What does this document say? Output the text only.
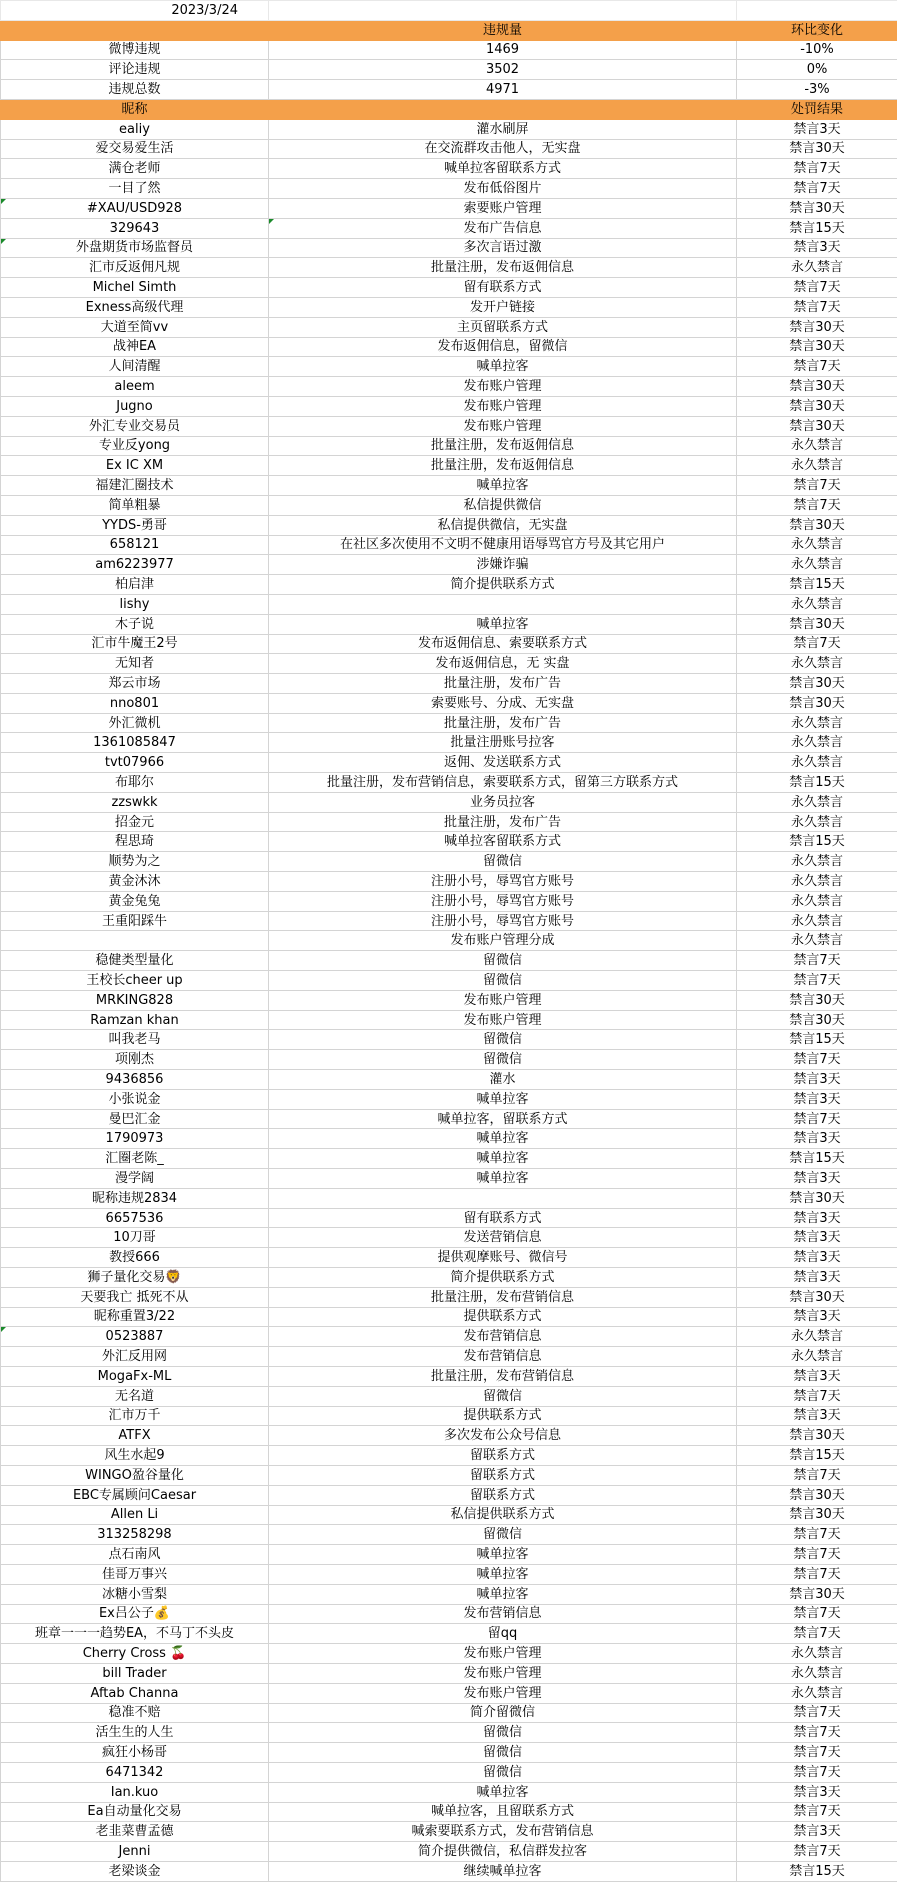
2023/3/24		
	违规量	环比变化
微博违规	1469	-10%
评论违规	3502	0%
违规总数	4971	-3%
昵称		处罚结果
ealiy	灌水刷屏	禁言3天
爱交易爱生活	在交流群攻击他人，无实盘	禁言30天
满仓老师	喊单拉客留联系方式	禁言7天
一目了然	发布低俗图片	禁言7天
#XAU/USD928	索要账户管理	禁言30天
329643	发布广告信息	禁言15天
外盘期货市场监督员	多次言语过激	禁言3天
汇市反返佣凡规	批量注册，发布返佣信息	永久禁言
Michel Simth	留有联系方式	禁言7天
Exness高级代理	发开户链接	禁言7天
大道至简vv	主页留联系方式	禁言30天
战神EA	发布返佣信息，留微信	禁言30天
人间清醒	喊单拉客	禁言7天
aleem	发布账户管理	禁言30天
Jugno	发布账户管理	禁言30天
外汇专业交易员	发布账户管理	禁言30天
专业反yong	批量注册，发布返佣信息	永久禁言
Ex IC XM	批量注册，发布返佣信息	永久禁言
福建汇圈技术	喊单拉客	禁言7天
简单粗暴	私信提供微信	禁言7天
YYDS-勇哥	私信提供微信，无实盘	禁言30天
658121	在社区多次使用不文明不健康用语辱骂官方号及其它用户	永久禁言
am6223977	涉嫌诈骗	永久禁言
柏启津	简介提供联系方式	禁言15天
lishy		永久禁言
木子说	喊单拉客	禁言30天
汇市牛魔王2号	发布返佣信息、索要联系方式	禁言7天
无知者	发布返佣信息，无 实盘	永久禁言
郑云市场	批量注册，发布广告	禁言30天
nno801	索要账号、分成、无实盘	禁言30天
外汇微机	批量注册，发布广告	永久禁言
1361085847	批量注册账号拉客	永久禁言
tvt07966	返佣、发送联系方式	永久禁言
布耶尔	批量注册，发布营销信息，索要联系方式，留第三方联系方式	禁言15天
zzswkk	业务员拉客	永久禁言
招金元	批量注册，发布广告	永久禁言
程思琦	喊单拉客留联系方式	禁言15天
顺势为之	留微信	永久禁言
黄金沐沐	注册小号，辱骂官方账号	永久禁言
黄金兔兔	注册小号，辱骂官方账号	永久禁言
王重阳踩牛	注册小号，辱骂官方账号	永久禁言
	发布账户管理分成	永久禁言
稳健类型量化	留微信	禁言7天
王校长cheer up	留微信	禁言7天
MRKING828	发布账户管理	禁言30天
Ramzan khan	发布账户管理	禁言30天
叫我老马	留微信	禁言15天
项刚杰	留微信	禁言7天
9436856	灌水	禁言3天
小张说金	喊单拉客	禁言3天
曼巴汇金	喊单拉客，留联系方式	禁言7天
1790973	喊单拉客	禁言3天
汇圈老陈_	喊单拉客	禁言15天
漫学阔	喊单拉客	禁言3天
昵称违规2834		禁言30天
6657536	留有联系方式	禁言3天
10刀哥	发送营销信息	禁言3天
教授666	提供观摩账号、微信号	禁言3天
狮子量化交易🦁	简介提供联系方式	禁言3天
天要我亡 抵死不从	批量注册，发布营销信息	禁言30天
昵称重置3/22	提供联系方式	禁言3天
0523887	发布营销信息	永久禁言
外汇反用网	发布营销信息	永久禁言
MogaFx-ML	批量注册，发布营销信息	禁言3天
无名道	留微信	禁言7天
汇市万千	提供联系方式	禁言3天
ATFX	多次发布公众号信息	禁言30天
风生水起9	留联系方式	禁言15天
WINGO盈谷量化	留联系方式	禁言7天
EBC专属顾问Caesar	留联系方式	禁言30天
Allen Li	私信提供联系方式	禁言30天
313258298	留微信	禁言7天
点石南风	喊单拉客	禁言7天
佳哥万事兴	喊单拉客	禁言7天
冰糖小雪梨	喊单拉客	禁言30天
Ex吕公子💰	发布营销信息	禁言7天
班章一一一趋势EA，不马丁不头皮	留qq	禁言7天
Cherry Cross 🍒	发布账户管理	永久禁言
bill Trader	发布账户管理	永久禁言
Aftab Channa	发布账户管理	永久禁言
稳准不赔	简介留微信	禁言7天
活生生的人生	留微信	禁言7天
疯狂小杨哥	留微信	禁言7天
6471342	留微信	禁言7天
Ian.kuo	喊单拉客	禁言3天
Ea自动量化交易	喊单拉客，且留联系方式	禁言7天
老韭菜曹孟德	喊索要联系方式，发布营销信息	禁言3天
Jenni	简介提供微信，私信群发拉客	禁言7天
老梁谈金	继续喊单拉客	禁言15天
